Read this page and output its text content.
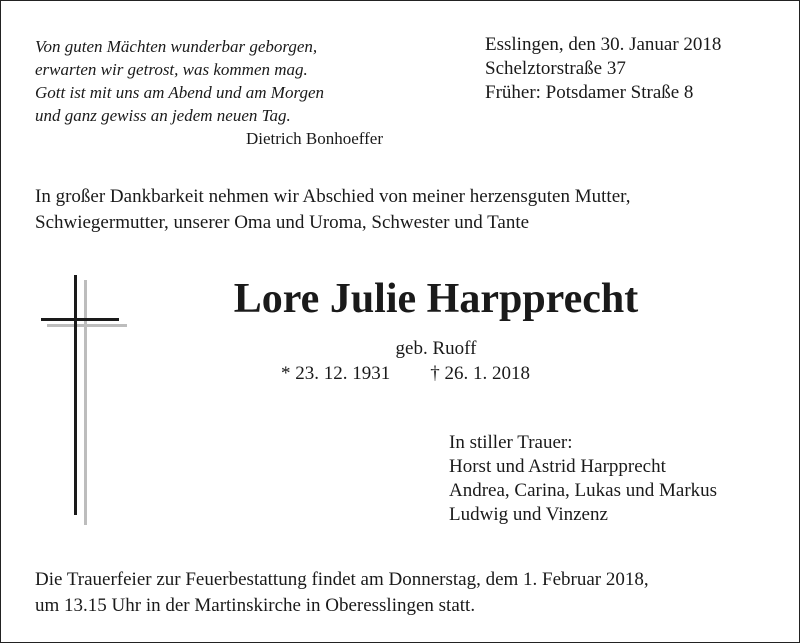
Von guten Mächten wunderbar geborgen,
erwarten wir getrost, was kommen mag.
Gott ist mit uns am Abend und am Morgen
und ganz gewiss an jedem neuen Tag.
Dietrich Bonhoeffer
Esslingen, den 30. Januar 2018
Schelztorstraße 37
Früher: Potsdamer Straße 8
In großer Dankbarkeit nehmen wir Abschied von meiner herzensguten Mutter,
Schwiegermutter, unserer Oma und Uroma, Schwester und Tante
Lore Julie Harpprecht
geb. Ruoff
* 23. 12. 1931 † 26. 1. 2018
In stiller Trauer:
Horst und Astrid Harpprecht
Andrea, Carina, Lukas und Markus
Ludwig und Vinzenz
Die Trauerfeier zur Feuerbestattung findet am Donnerstag, dem 1. Februar 2018,
um 13.15 Uhr in der Martinskirche in Oberesslingen statt.
